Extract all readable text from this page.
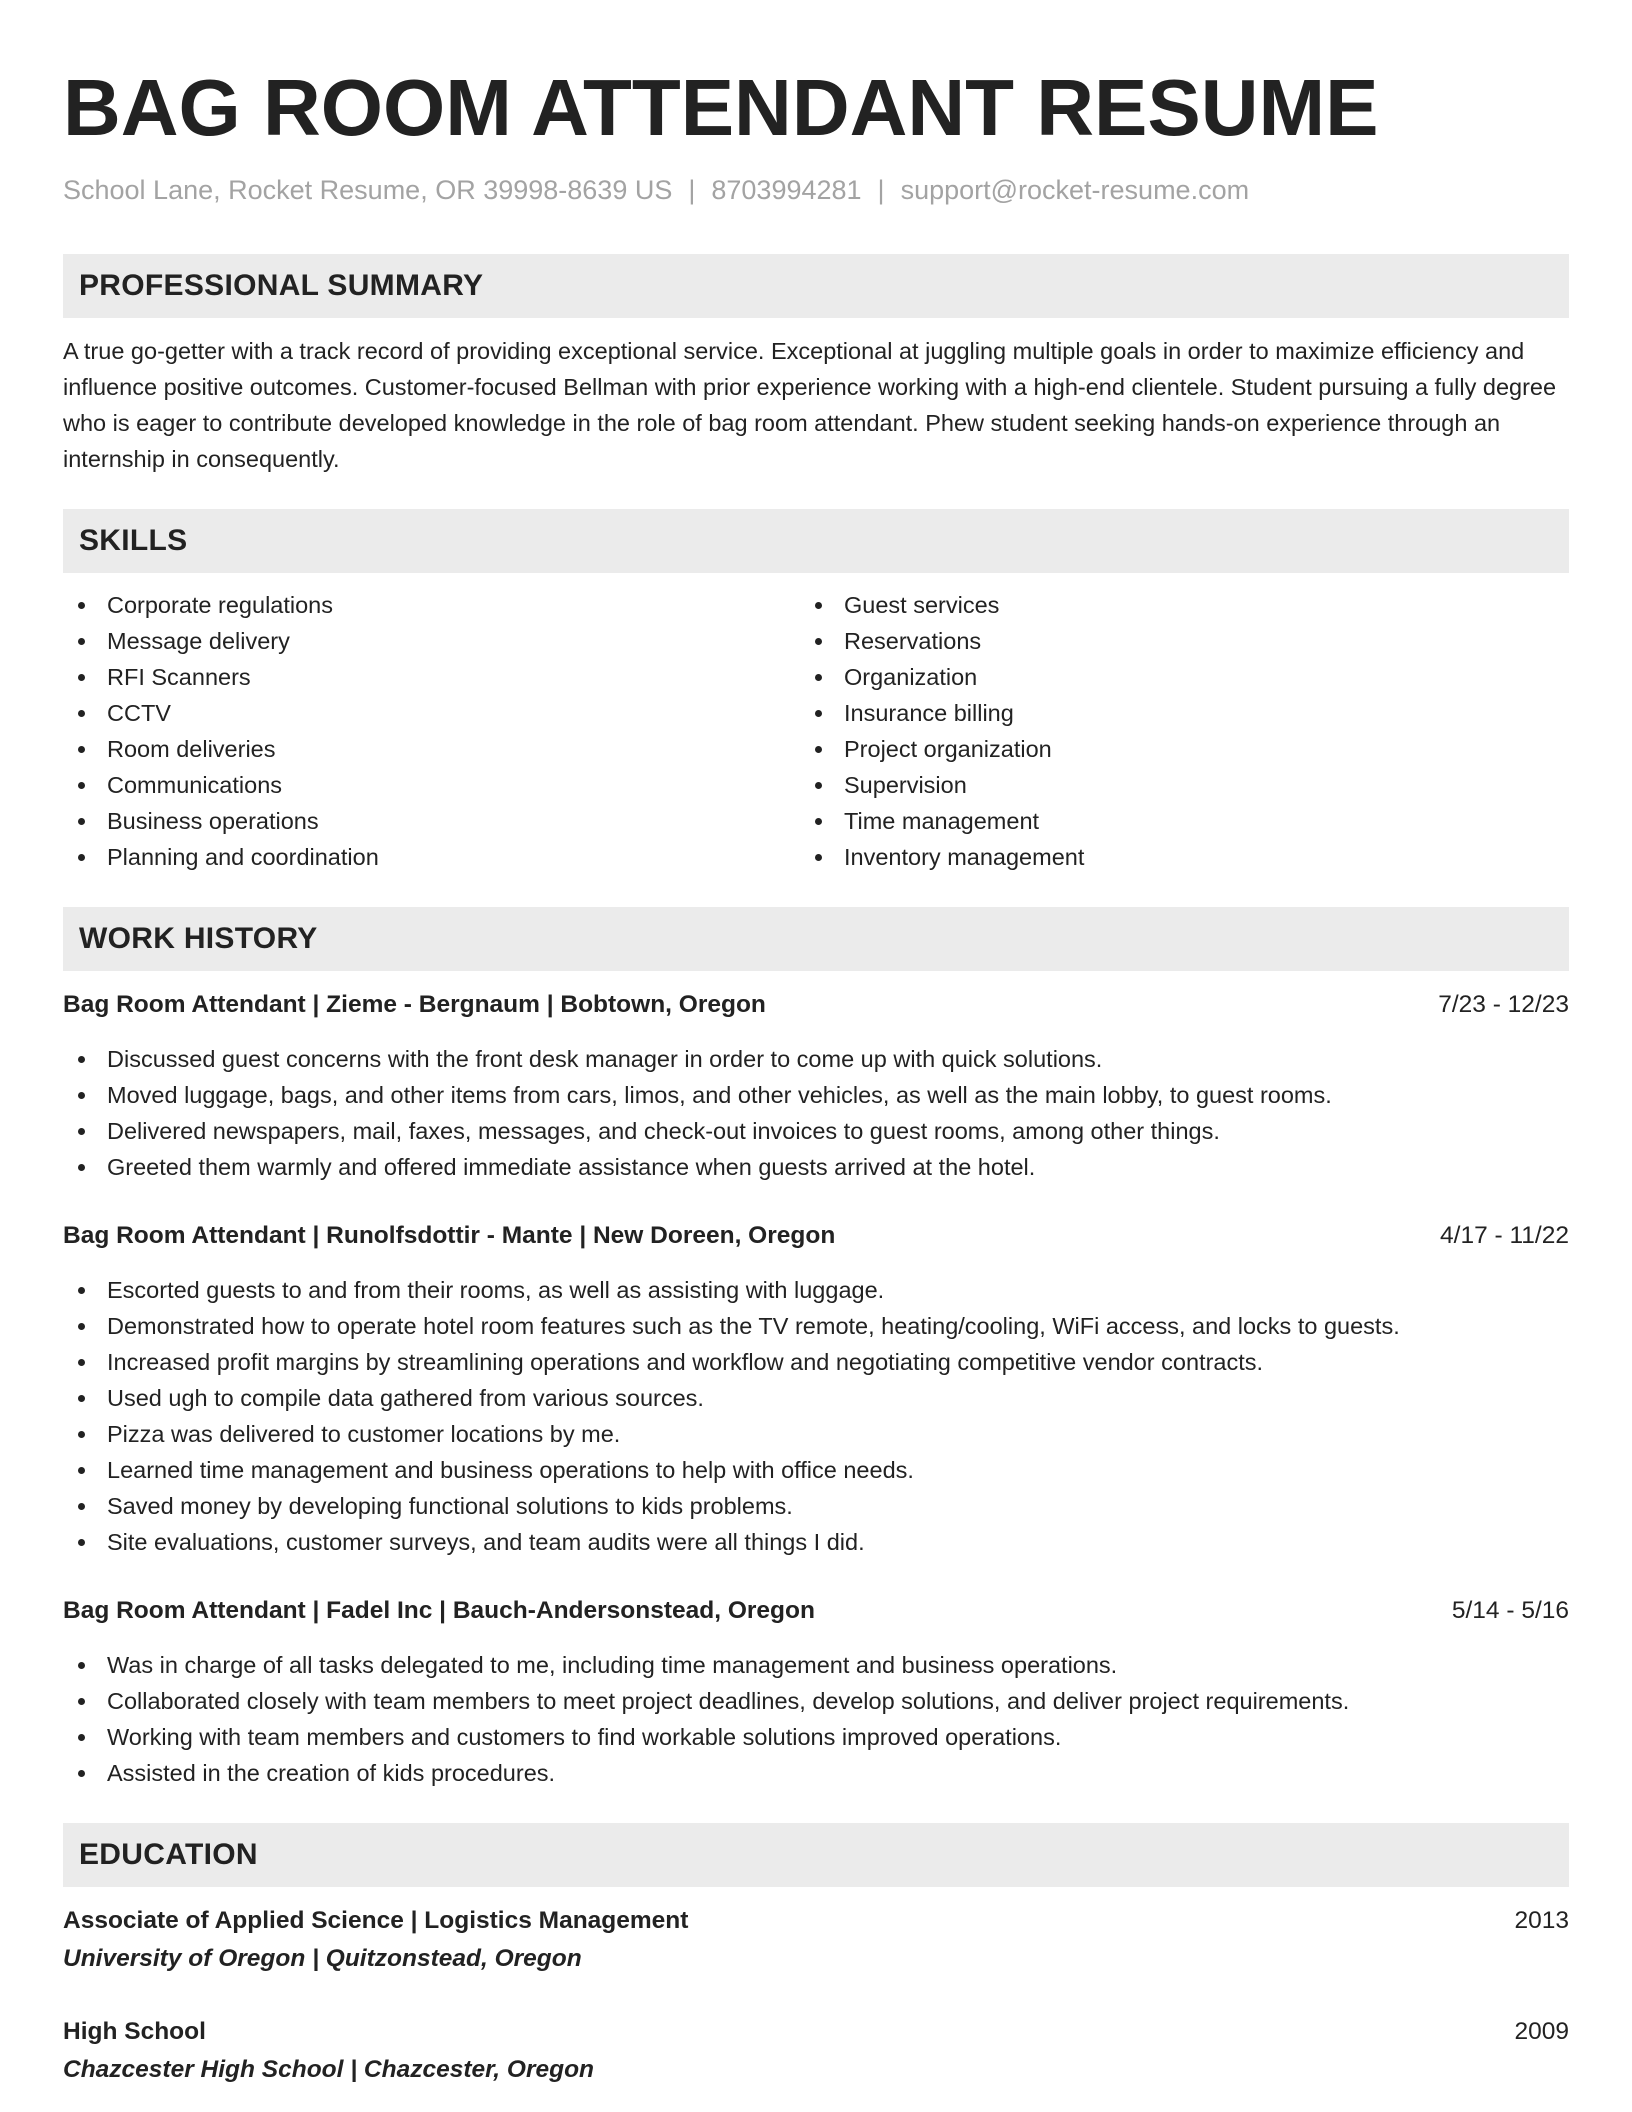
BAG ROOM ATTENDANT RESUME
School Lane, Rocket Resume, OR 39998-8639 US | 8703994281 | support@rocket-resume.com
PROFESSIONAL SUMMARY

A true go-getter with a track record of providing exceptional service. Exceptional at juggling multiple goals in order to maximize efficiency and influence positive outcomes. Customer-focused Bellman with prior experience working with a high-end clientele. Student pursuing a fully degree who is eager to contribute developed knowledge in the role of bag room attendant. Phew student seeking hands-on experience through an internship in consequently.

SKILLS
Corporate regulations
Message delivery
RFI Scanners
CCTV
Room deliveries
Communications
Business operations
Planning and coordination
Guest services
Reservations
Organization
Insurance billing
Project organization
Supervision
Time management
Inventory management
WORK HISTORY
Bag Room Attendant | Zieme - Bergnaum | Bobtown, Oregon	7/23 - 12/23
Discussed guest concerns with the front desk manager in order to come up with quick solutions.
Moved luggage, bags, and other items from cars, limos, and other vehicles, as well as the main lobby, to guest rooms.
Delivered newspapers, mail, faxes, messages, and check-out invoices to guest rooms, among other things.
Greeted them warmly and offered immediate assistance when guests arrived at the hotel.
Bag Room Attendant | Runolfsdottir - Mante | New Doreen, Oregon	4/17 - 11/22
Escorted guests to and from their rooms, as well as assisting with luggage.
Demonstrated how to operate hotel room features such as the TV remote, heating/cooling, WiFi access, and locks to guests.
Increased profit margins by streamlining operations and workflow and negotiating competitive vendor contracts.
Used ugh to compile data gathered from various sources.
Pizza was delivered to customer locations by me.
Learned time management and business operations to help with office needs.
Saved money by developing functional solutions to kids problems.
Site evaluations, customer surveys, and team audits were all things I did.
Bag Room Attendant | Fadel Inc | Bauch-Andersonstead, Oregon	5/14 - 5/16
Was in charge of all tasks delegated to me, including time management and business operations.
Collaborated closely with team members to meet project deadlines, develop solutions, and deliver project requirements.
Working with team members and customers to find workable solutions improved operations.
Assisted in the creation of kids procedures.
EDUCATION
Associate of Applied Science | Logistics Management	2013
University of Oregon | Quitzonstead, Oregon
High School	2009
Chazcester High School | Chazcester, Oregon
